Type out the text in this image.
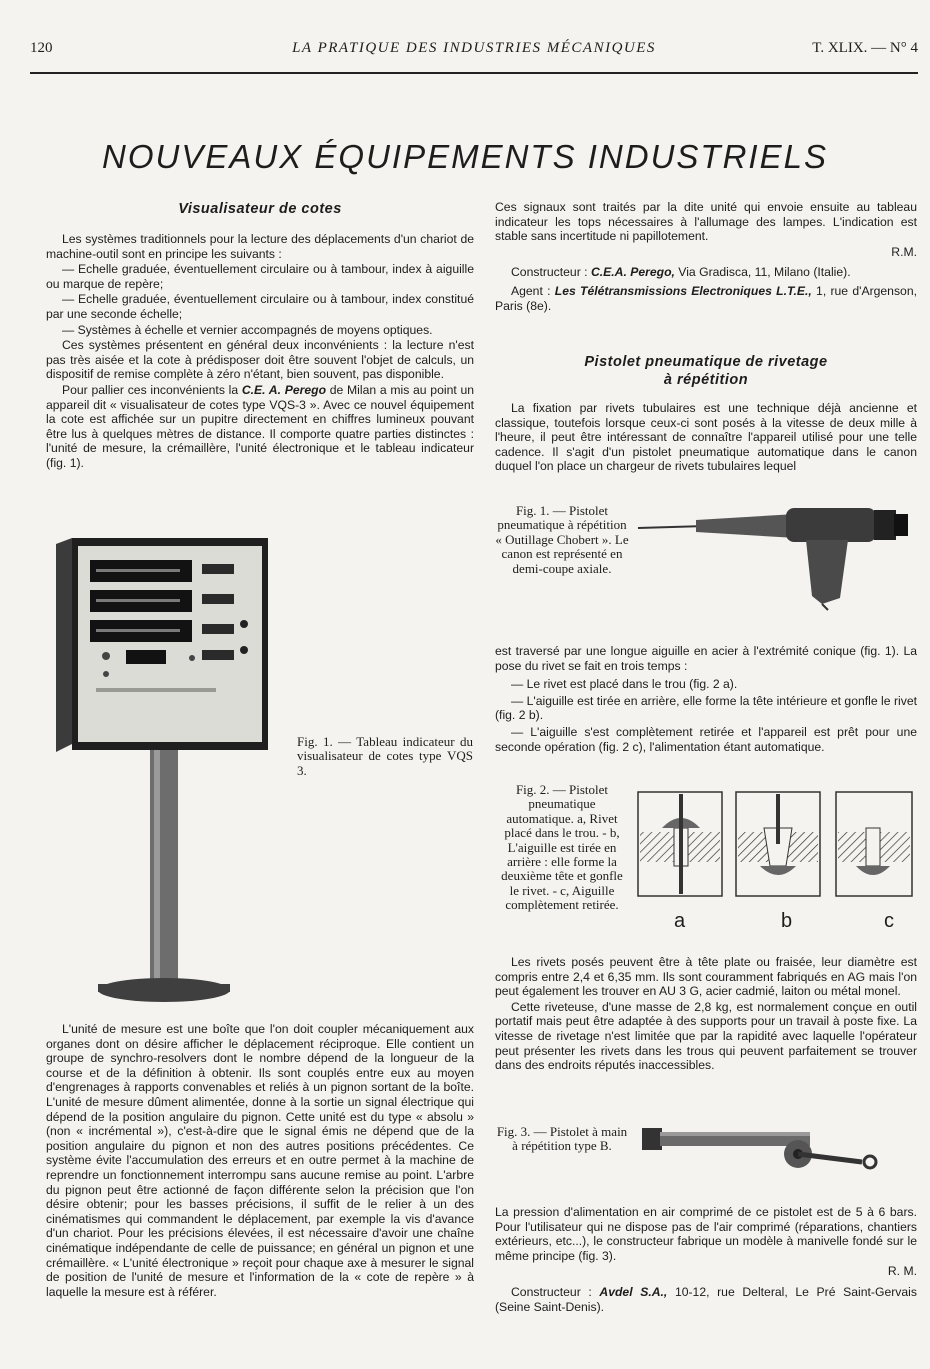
120	LA PRATIQUE DES INDUSTRIES MÉCANIQUES	T. XLIX. — N° 4
NOUVEAUX ÉQUIPEMENTS INDUSTRIELS
Visualisateur de cotes

Les systèmes traditionnels pour la lecture des déplacements d'un chariot de machine-outil sont en principe les suivants :

— Echelle graduée, éventuellement circulaire ou à tambour, index à aiguille ou marque de repère;

— Echelle graduée, éventuellement circulaire ou à tambour, index constitué par une seconde échelle;

— Systèmes à échelle et vernier accompagnés de moyens optiques.

Ces systèmes présentent en général deux inconvénients : la lecture n'est pas très aisée et la cote à prédisposer doit être souvent l'objet de calculs, un dispositif de remise complète à zéro n'étant, bien souvent, pas disponible.

Pour pallier ces inconvénients la C.E. A. Perego de Milan a mis au point un appareil dit « visualisateur de cotes type VQS-3 ». Avec ce nouvel équipement la cote est affichée sur un pupitre directement en chiffres lumineux pouvant être lus à quelques mètres de distance. Il comporte quatre parties distinctes : l'unité de mesure, la crémaillère, l'unité électronique et le tableau indicateur (fig. 1).

Fig. 1. — Tableau indicateur du visualisateur de cotes type VQS 3.

L'unité de mesure est une boîte que l'on doit coupler mécaniquement aux organes dont on désire afficher le déplacement réciproque. Elle contient un groupe de synchro-resolvers dont le nombre dépend de la longueur de la course et de la définition à obtenir. Ils sont couplés entre eux au moyen d'engrenages à rapports convenables et reliés à un pignon sortant de la boîte. L'unité de mesure dûment alimentée, donne à la sortie un signal électrique qui dépend de la position angulaire du pignon. Cette unité est du type « absolu » (non « incrémental »), c'est-à-dire que le signal émis ne dépend que de la position angulaire du pignon et non des autres positions précédentes. Ce système évite l'accumulation des erreurs et en outre permet à la machine de reprendre un fonctionnement interrompu sans aucune remise au point. L'arbre du pignon peut être actionné de façon différente selon la précision que l'on désire obtenir; pour les basses précisions, il suffit de le relier à un des cinématismes qui commandent le déplacement, par exemple la vis d'avance d'un chariot. Pour les précisions élevées, il est nécessaire d'avoir une chaîne cinématique indépendante de celle de puissance; en général un pignon et une crémaillère. « L'unité électronique » reçoit pour chaque axe à mesurer le signal de position de l'unité de mesure et l'information de la « cote de repère » à laquelle la mesure est à référer.

Ces signaux sont traités par la dite unité qui envoie ensuite au tableau indicateur les tops nécessaires à l'allumage des lampes. L'indication est stable sans incertitude ni papillotement.

R.M.

Constructeur : C.E.A. Perego, Via Gradisca, 11, Milano (Italie).

Agent : Les Télétransmissions Electroniques L.T.E., 1, rue d'Argenson, Paris (8e).

Pistolet pneumatique de rivetage
à répétition

La fixation par rivets tubulaires est une technique déjà ancienne et classique, toutefois lorsque ceux-ci sont posés à la vitesse de deux mille à l'heure, il peut être intéressant de connaître l'appareil utilisé pour une telle cadence. Il s'agit d'un pistolet pneumatique automatique dans le canon duquel l'on place un chargeur de rivets tubulaires lequel

Fig. 1. — Pistolet pneumatique à répétition « Outillage Chobert ». Le canon est représenté en demi-coupe axiale.

est traversé par une longue aiguille en acier à l'extrémité conique (fig. 1). La pose du rivet se fait en trois temps :

— Le rivet est placé dans le trou (fig. 2 a).

— L'aiguille est tirée en arrière, elle forme la tête intérieure et gonfle le rivet (fig. 2 b).

— L'aiguille s'est complètement retirée et l'appareil est prêt pour une seconde opération (fig. 2 c), l'alimentation étant automatique.

Fig. 2. — Pistolet pneumatique automatique. a, Rivet placé dans le trou. - b, L'aiguille est tirée en arrière : elle forme la deuxième tête et gonfle le rivet. - c, Aiguille complètement retirée.
a	b	c

Les rivets posés peuvent être à tête plate ou fraisée, leur diamètre est compris entre 2,4 et 6,35 mm. Ils sont couramment fabriqués en AG mais l'on peut également les trouver en AU 3 G, acier cadmié, laiton ou métal monel.

Cette riveteuse, d'une masse de 2,8 kg, est normalement conçue en outil portatif mais peut être adaptée à des supports pour un travail à poste fixe. La vitesse de rivetage n'est limitée que par la rapidité avec laquelle l'opérateur peut présenter les rivets dans les trous qui peuvent parfaitement se trouver dans des endroits réputés inaccessibles.

Fig. 3. — Pistolet à main à répétition type B.

La pression d'alimentation en air comprimé de ce pistolet est de 5 à 6 bars. Pour l'utilisateur qui ne dispose pas de l'air comprimé (réparations, chantiers extérieurs, etc...), le constructeur fabrique un modèle à manivelle fondé sur le même principe (fig. 3).

R. M.

Constructeur : Avdel S.A., 10-12, rue Delteral, Le Pré Saint-Gervais (Seine Saint-Denis).
